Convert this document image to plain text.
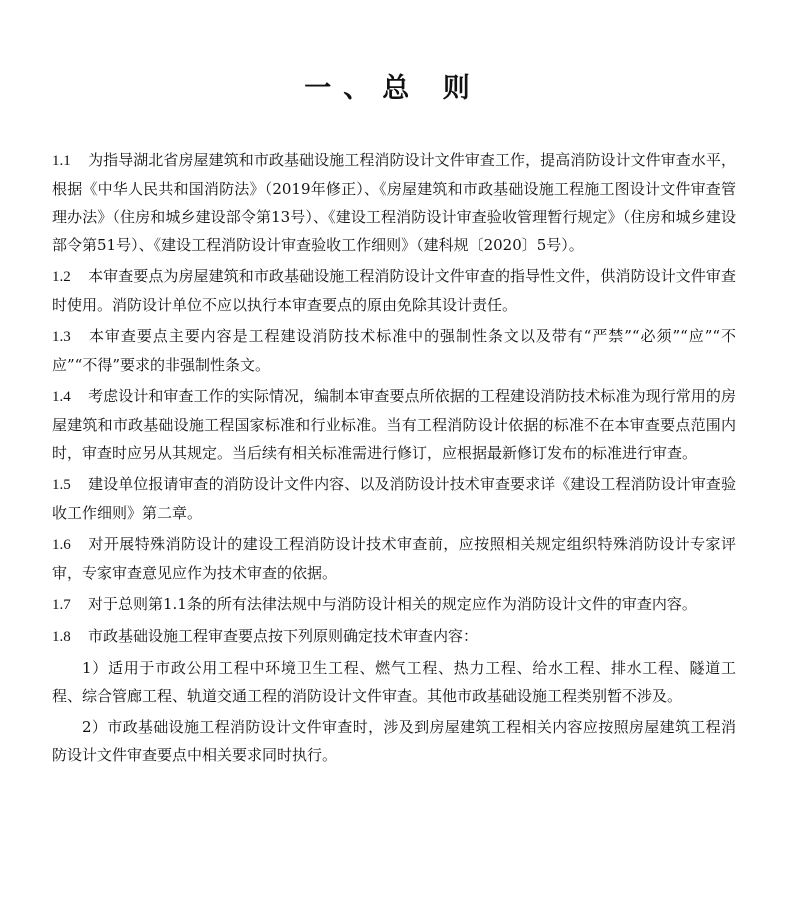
一、总 则

1.1 为指导湖北省房屋建筑和市政基础设施工程消防设计文件审查工作，提高消防设计文件审查水平，根据《中华人民共和国消防法》（2019年修正）、《房屋建筑和市政基础设施工程施工图设计文件审查管理办法》（住房和城乡建设部令第13号）、《建设工程消防设计审查验收管理暂行规定》（住房和城乡建设部令第51号）、《建设工程消防设计审查验收工作细则》（建科规〔2020〕5号）。

1.2 本审查要点为房屋建筑和市政基础设施工程消防设计文件审查的指导性文件，供消防设计文件审查时使用。消防设计单位不应以执行本审查要点的原由免除其设计责任。

1.3 本审查要点主要内容是工程建设消防技术标准中的强制性条文以及带有“严禁”“必须”“应”“不应”“不得”要求的非强制性条文。

1.4 考虑设计和审查工作的实际情况，编制本审查要点所依据的工程建设消防技术标准为现行常用的房屋建筑和市政基础设施工程国家标准和行业标准。当有工程消防设计依据的标准不在本审查要点范围内时，审查时应另从其规定。当后续有相关标准需进行修订，应根据最新修订发布的标准进行审查。

1.5 建设单位报请审查的消防设计文件内容、以及消防设计技术审查要求详《建设工程消防设计审查验收工作细则》第二章。

1.6 对开展特殊消防设计的建设工程消防设计技术审查前，应按照相关规定组织特殊消防设计专家评审，专家审查意见应作为技术审查的依据。

1.7 对于总则第1.1条的所有法律法规中与消防设计相关的规定应作为消防设计文件的审查内容。

1.8 市政基础设施工程审查要点按下列原则确定技术审查内容：

1）适用于市政公用工程中环境卫生工程、燃气工程、热力工程、给水工程、排水工程、隧道工程、综合管廊工程、轨道交通工程的消防设计文件审查。其他市政基础设施工程类别暂不涉及。

2）市政基础设施工程消防设计文件审查时，涉及到房屋建筑工程相关内容应按照房屋建筑工程消防设计文件审查要点中相关要求同时执行。
